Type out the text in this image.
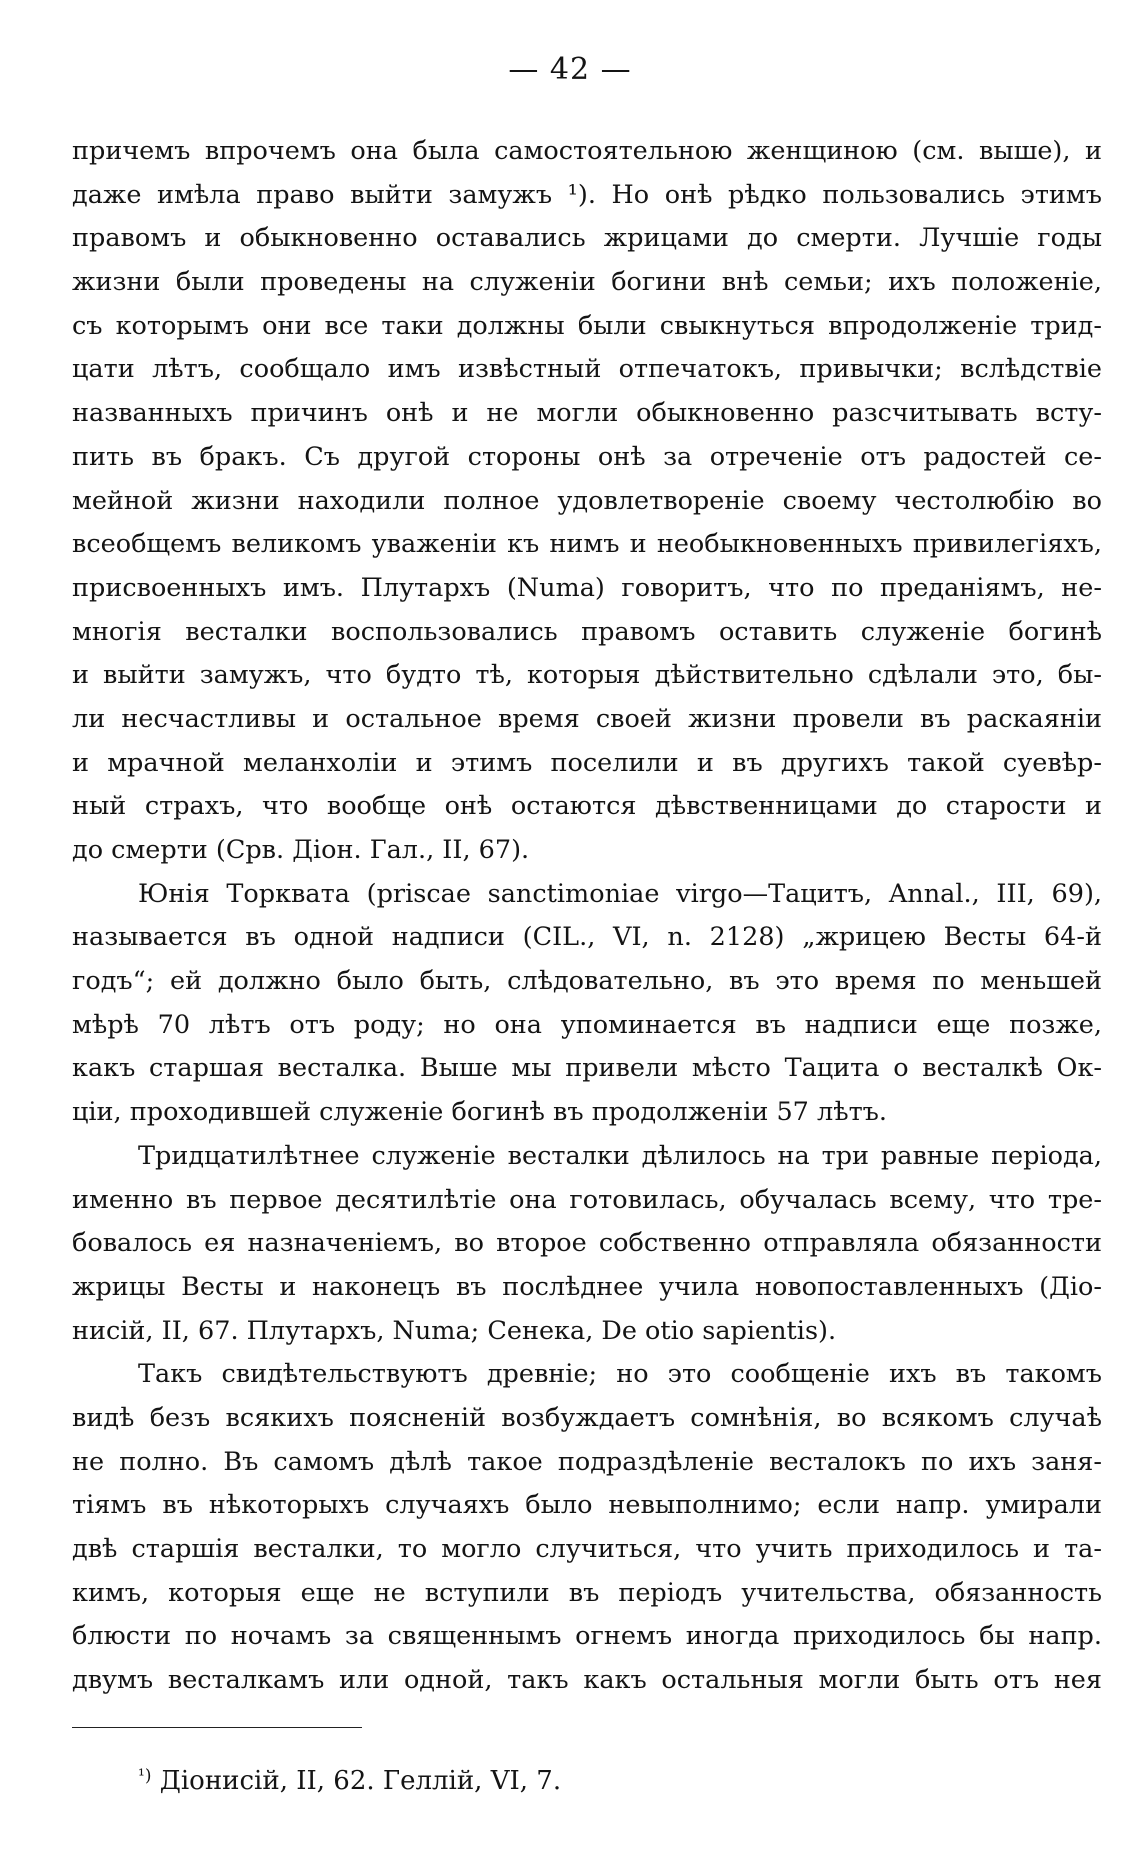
— 42 —
причемъ впрочемъ она была самостоятельною женщиною (см. выше), и
даже имѣла право выйти замужъ ¹). Но онѣ рѣдко пользовались этимъ
правомъ и обыкновенно оставались жрицами до смерти. Лучшіе годы
жизни были проведены на служеніи богини внѣ семьи; ихъ положеніе,
съ которымъ они все таки должны были свыкнуться впродолженіе трид-
цати лѣтъ, сообщало имъ извѣстный отпечатокъ, привычки; вслѣдствіе
названныхъ причинъ онѣ и не могли обыкновенно разсчитывать всту-
пить въ бракъ. Съ другой стороны онѣ за отреченіе отъ радостей се-
мейной жизни находили полное удовлетвореніе своему честолюбію во
всеобщемъ великомъ уваженіи къ нимъ и необыкновенныхъ привилегіяхъ,
присвоенныхъ имъ. Плутархъ (Numa) говоритъ, что по преданіямъ, не-
многія весталки воспользовались правомъ оставить служеніе богинѣ
и выйти замужъ, что будто тѣ, которыя дѣйствительно сдѣлали это, бы-
ли несчастливы и остальное время своей жизни провели въ раскаяніи
и мрачной меланхоліи и этимъ поселили и въ другихъ такой суевѣр-
ный страхъ, что вообще онѣ остаются дѣвственницами до старости и
до смерти (Срв. Діон. Гал., II, 67).
Юнія Торквата (priscae sanctimoniae virgo—Тацитъ, Annal., III, 69),
называется въ одной надписи (CIL., VI, n. 2128) „жрицею Весты 64-й
годъ“; ей должно было быть, слѣдовательно, въ это время по меньшей
мѣрѣ 70 лѣтъ отъ роду; но она упоминается въ надписи еще позже,
какъ старшая весталка. Выше мы привели мѣсто Тацита о весталкѣ Ок-
ціи, проходившей служеніе богинѣ въ продолженіи 57 лѣтъ.
Тридцатилѣтнее служеніе весталки дѣлилось на три равные періода,
именно въ первое десятилѣтіе она готовилась, обучалась всему, что тре-
бовалось ея назначеніемъ, во второе собственно отправляла обязанности
жрицы Весты и наконецъ въ послѣднее учила новопоставленныхъ (Діо-
нисій, II, 67. Плутархъ, Numa; Сенека, De otio sapientis).
Такъ свидѣтельствуютъ древніе; но это сообщеніе ихъ въ такомъ
видѣ безъ всякихъ поясненій возбуждаетъ сомнѣнія, во всякомъ случаѣ
не полно. Въ самомъ дѣлѣ такое подраздѣленіе весталокъ по ихъ заня-
тіямъ въ нѣкоторыхъ случаяхъ было невыполнимо; если напр. умирали
двѣ старшія весталки, то могло случиться, что учить приходилось и та-
кимъ, которыя еще не вступили въ періодъ учительства, обязанность
блюсти по ночамъ за священнымъ огнемъ иногда приходилось бы напр.
двумъ весталкамъ или одной, такъ какъ остальныя могли быть отъ нея
$^{^1)}$ Діонисій, II, 62. Геллій, VI, 7.
